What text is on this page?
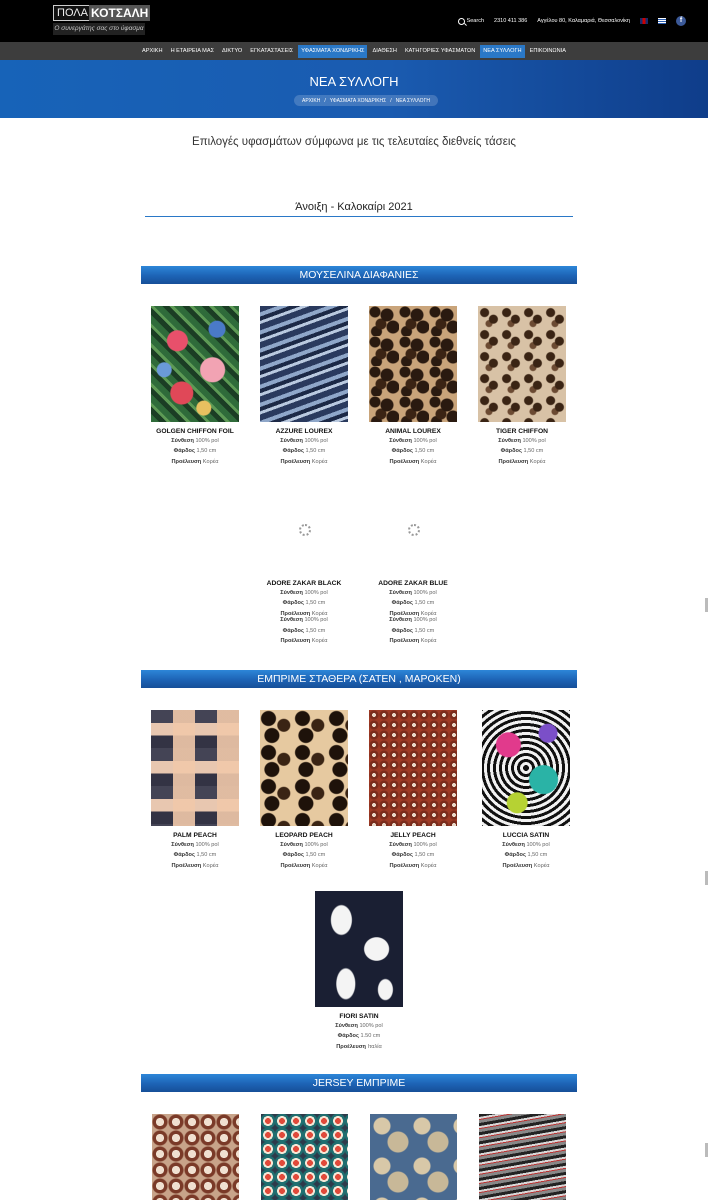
ΠΟΛΑ ΚΟΤΣΑΛΗ
Ο συνεργάτης σας στο ύφασμα
Search 2310 411 386 Αγγέλου 80, Καλαμαριά, Θεσσαλονίκη	f
ΑΡΧΙΚΗ	Η ΕΤΑΙΡΕΙΑ ΜΑΣ	ΔΙΚΤΥΟ	ΕΓΚΑΤΑΣΤΑΣΕΙΣ	ΥΦΑΣΜΑΤΑ ΧΟΝΔΡΙΚΗΣ	ΔΙΑΘΕΣΗ	ΚΑΤΗΓΟΡΙΕΣ ΥΦΑΣΜΑΤΩΝ	ΝΕΑ ΣΥΛΛΟΓΗ	ΕΠΙΚΟΙΝΩΝΙΑ
ΝΕΑ ΣΥΛΛΟΓΗ
ΑΡΧΙΚΗ / ΥΦΑΣΜΑΤΑ ΧΟΝΔΡΙΚΗΣ / ΝΕΑ ΣΥΛΛΟΓΗ
Επιλογές υφασμάτων σύμφωνα με τις τελευταίες διεθνείς τάσεις
Άνοιξη - Καλοκαίρι 2021
ΜΟΥΣΕΛΙΝΑ ΔΙΑΦΑΝΙΕΣ
ΕΜΠΡΙΜΕ ΣΤΑΘΕΡΑ (ΣΑΤΕΝ , ΜΑΡΟΚΕΝ)
JERSEY ΕΜΠΡΙΜΕ
GOLGEN CHIFFON FOIL
Σύνθεση 100% pol
Φάρδος 1,50 cm
Προέλευση Κορέα
AZZURE LOUREX
Σύνθεση 100% pol
Φάρδος 1,50 cm
Προέλευση Κορέα
ANIMAL LOUREX
Σύνθεση 100% pol
Φάρδος 1,50 cm
Προέλευση Κορέα
TIGER CHIFFON
Σύνθεση 100% pol
Φάρδος 1,50 cm
Προέλευση Κορέα
ADORE ZAKAR BLACK
Σύνθεση 100% pol
Φάρδος 1,50 cm
Προέλευση Κορέα
Σύνθεση 100% pol
Φάρδος 1,50 cm
Προέλευση Κορέα
ADORE ZAKAR BLUE
Σύνθεση 100% pol
Φάρδος 1,50 cm
Προέλευση Κορέα
Σύνθεση 100% pol
Φάρδος 1,50 cm
Προέλευση Κορέα
PALM PEACH
Σύνθεση 100% pol
Φάρδος 1,50 cm
Προέλευση Κορέα
LEOPARD PEACH
Σύνθεση 100% pol
Φάρδος 1,50 cm
Προέλευση Κορέα
JELLY PEACH
Σύνθεση 100% pol
Φάρδος 1,50 cm
Προέλευση Κορέα
LUCCIA SATIN
Σύνθεση 100% pol
Φάρδος 1,50 cm
Προέλευση Κορέα
FIORI SATIN
Σύνθεση 100% pol
Φάρδος 1.50 cm
Προέλευση Ιταλία
